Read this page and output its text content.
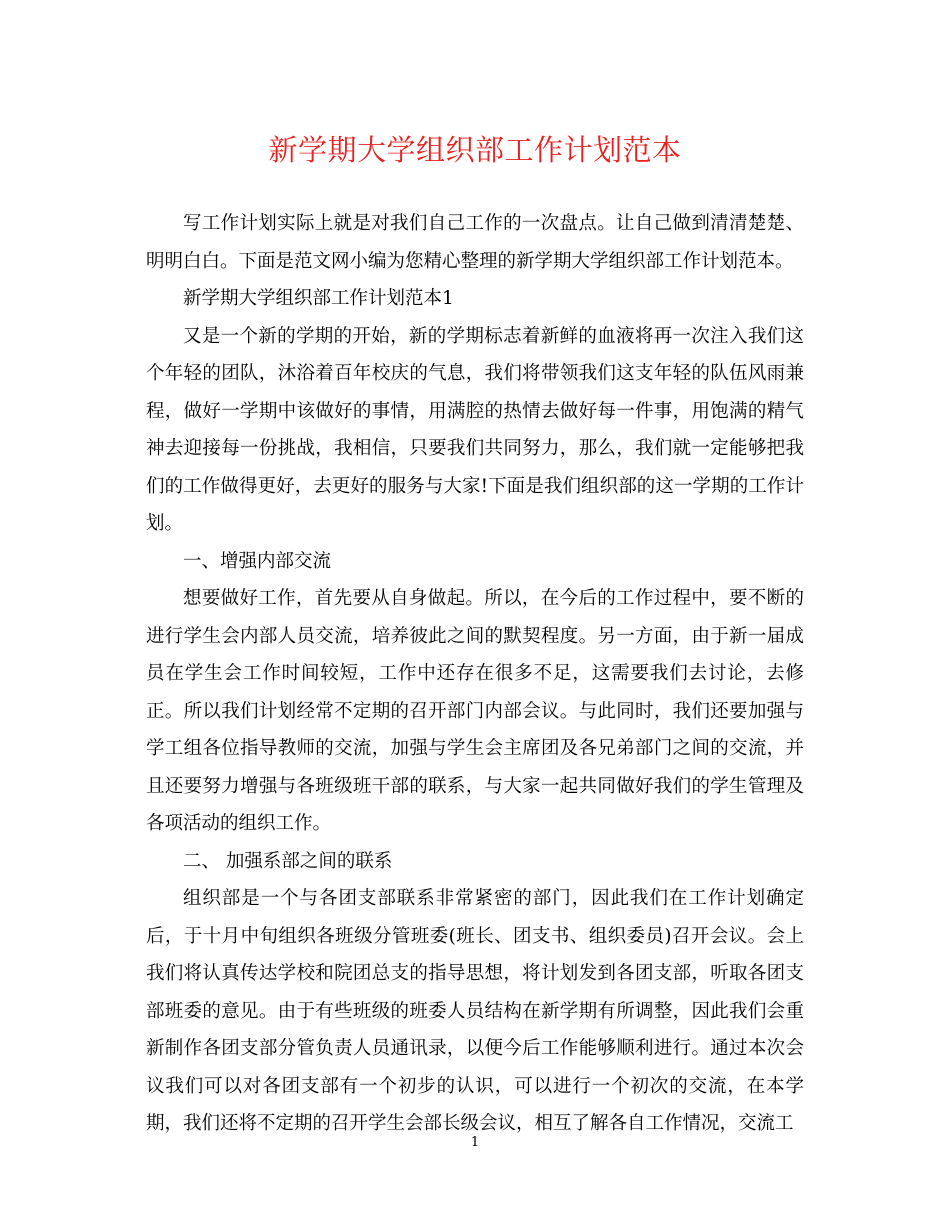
新学期大学组织部工作计划范本

写工作计划实际上就是对我们自己工作的一次盘点。让自己做到清清楚楚、明明白白。下面是范文网小编为您精心整理的新学期大学组织部工作计划范本。

新学期大学组织部工作计划范本1

又是一个新的学期的开始，新的学期标志着新鲜的血液将再一次注入我们这个年轻的团队，沐浴着百年校庆的气息，我们将带领我们这支年轻的队伍风雨兼程，做好一学期中该做好的事情，用满腔的热情去做好每一件事，用饱满的精气神去迎接每一份挑战，我相信，只要我们共同努力，那么，我们就一定能够把我们的工作做得更好，去更好的服务与大家!下面是我们组织部的这一学期的工作计划。

一、增强内部交流

想要做好工作，首先要从自身做起。所以，在今后的工作过程中，要不断的进行学生会内部人员交流，培养彼此之间的默契程度。另一方面，由于新一届成员在学生会工作时间较短，工作中还存在很多不足，这需要我们去讨论，去修正。所以我们计划经常不定期的召开部门内部会议。与此同时，我们还要加强与学工组各位指导教师的交流，加强与学生会主席团及各兄弟部门之间的交流，并且还要努力增强与各班级班干部的联系，与大家一起共同做好我们的学生管理及各项活动的组织工作。

二、 加强系部之间的联系

组织部是一个与各团支部联系非常紧密的部门，因此我们在工作计划确定后，于十月中旬组织各班级分管班委(班长、团支书、组织委员)召开会议。会上我们将认真传达学校和院团总支的指导思想，将计划发到各团支部，听取各团支部班委的意见。由于有些班级的班委人员结构在新学期有所调整，因此我们会重新制作各团支部分管负责人员通讯录，以便今后工作能够顺利进行。通过本次会议我们可以对各团支部有一个初步的认识，可以进行一个初次的交流，在本学期，我们还将不定期的召开学生会部长级会议，相互了解各自工作情况，交流工

1
